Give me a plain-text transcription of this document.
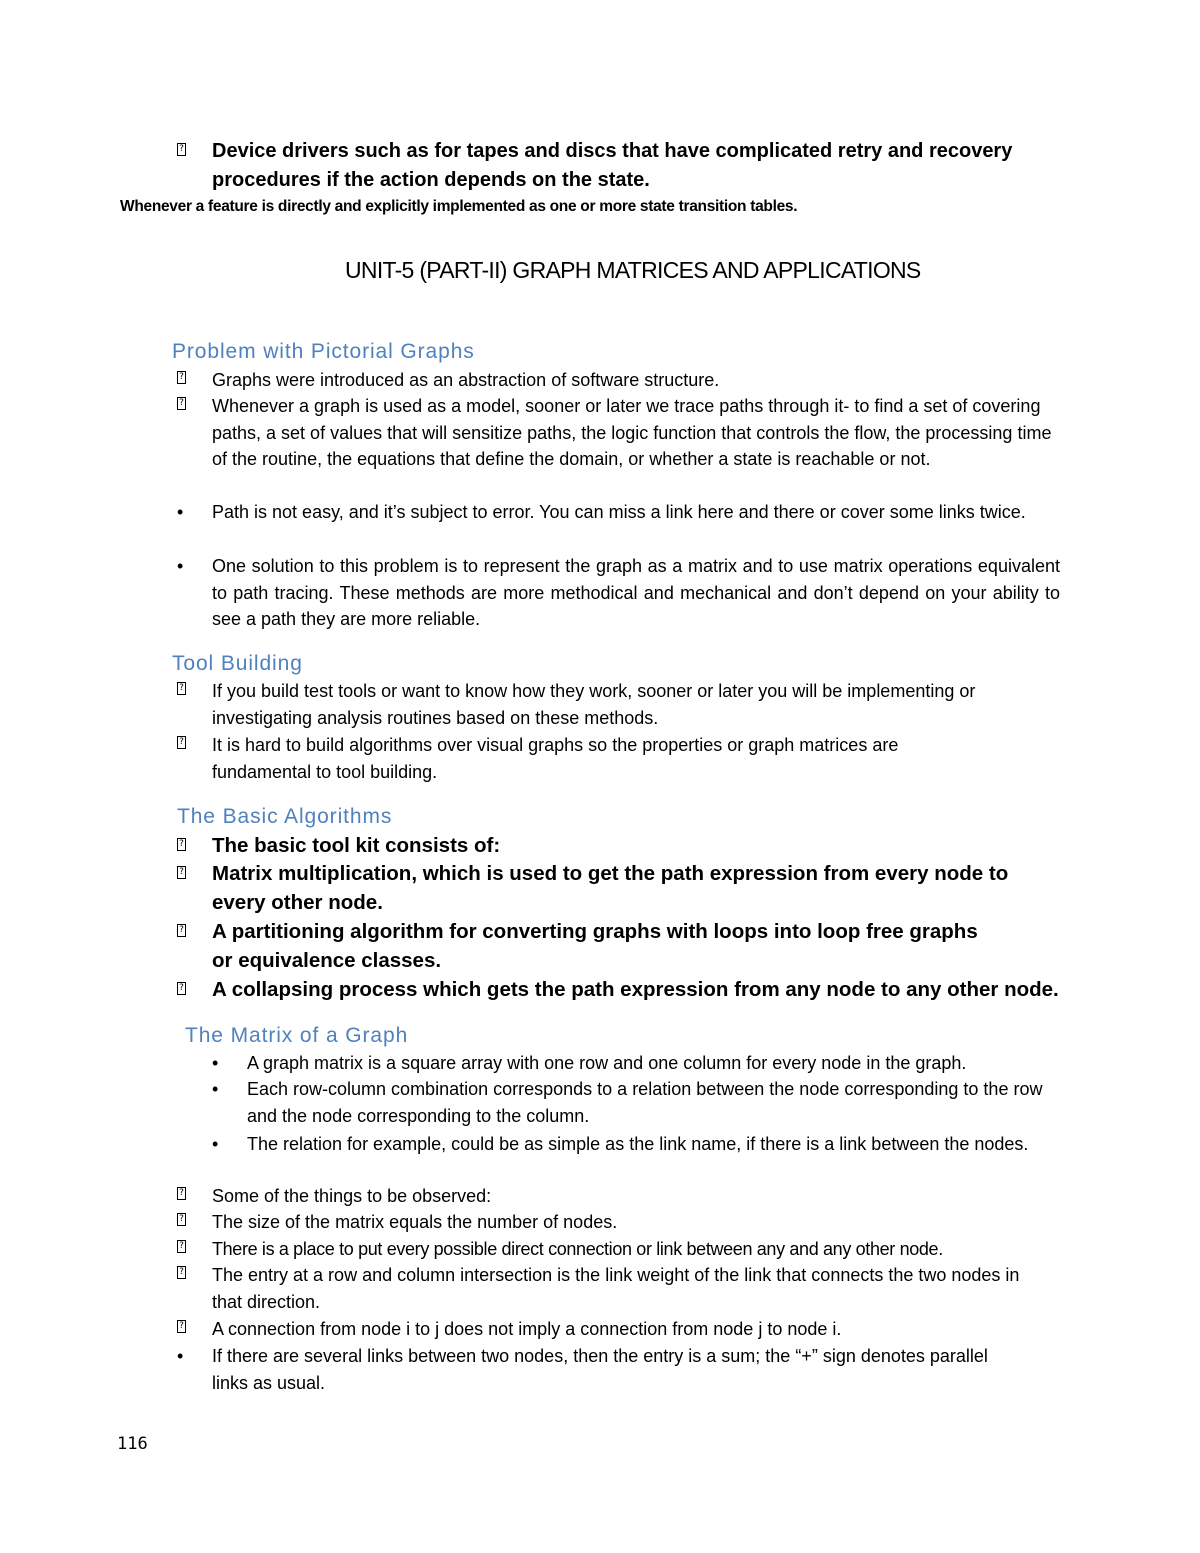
? Device drivers such as for tapes and discs that have complicated retry and recovery procedures if the action depends on the state.
Whenever a feature is directly and explicitly implemented as one or more state transition tables.
UNIT-5 (PART-II) GRAPH MATRICES AND APPLICATIONS
Problem with Pictorial Graphs
? Graphs were introduced as an abstraction of software structure.
? Whenever a graph is used as a model, sooner or later we trace paths through it- to find a set of covering paths, a set of values that will sensitize paths, the logic function that controls the flow, the processing time of the routine, the equations that define the domain, or whether a state is reachable or not.
• Path is not easy, and it’s subject to error. You can miss a link here and there or cover some links twice.
• One solution to this problem is to represent the graph as a matrix and to use matrix operations equivalent to path tracing. These methods are more methodical and mechanical and don’t depend on your ability to see a path they are more reliable.
Tool Building
? If you build test tools or want to know how they work, sooner or later you will be implementing or investigating analysis routines based on these methods.
? It is hard to build algorithms over visual graphs so the properties or graph matrices are fundamental to tool building.
The Basic Algorithms
? The basic tool kit consists of:
? Matrix multiplication, which is used to get the path expression from every node to every other node.
? A partitioning algorithm for converting graphs with loops into loop free graphs or equivalence classes.
? A collapsing process which gets the path expression from any node to any other node.
The Matrix of a Graph
• A graph matrix is a square array with one row and one column for every node in the graph.
• Each row-column combination corresponds to a relation between the node corresponding to the row and the node corresponding to the column.
• The relation for example, could be as simple as the link name, if there is a link between the nodes.
? Some of the things to be observed:
? The size of the matrix equals the number of nodes.
? There is a place to put every possible direct connection or link between any and any other node.
? The entry at a row and column intersection is the link weight of the link that connects the two nodes in that direction.
? A connection from node i to j does not imply a connection from node j to node i.
• If there are several links between two nodes, then the entry is a sum; the “+” sign denotes parallel links as usual.
116
